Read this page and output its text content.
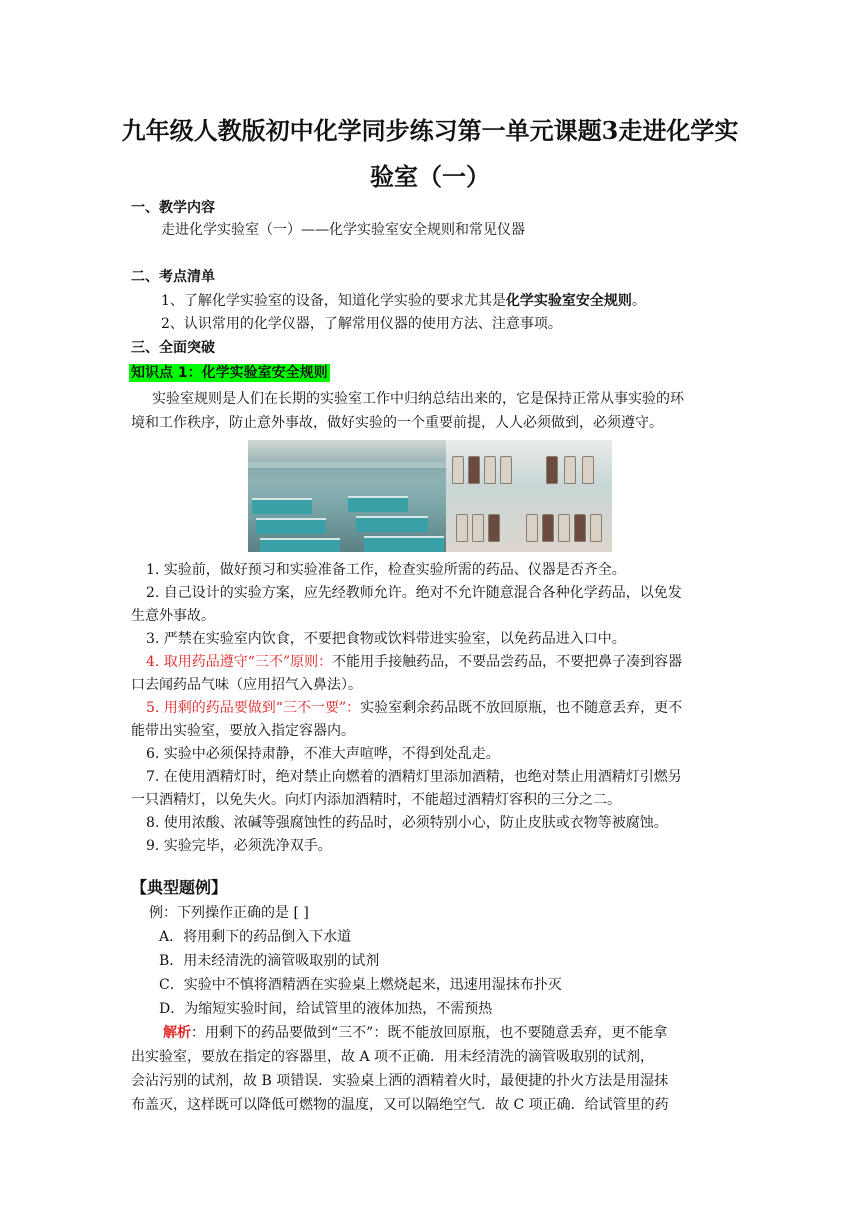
九年级人教版初中化学同步练习第一单元课题3走进化学实
验室（一）
一、教学内容
走进化学实验室（一）——化学实验室安全规则和常见仪器
二、考点清单
1、了解化学实验室的设备，知道化学实验的要求尤其是化学实验室安全规则。
2、认识常用的化学仪器，了解常用仪器的使用方法、注意事项。
三、全面突破
知识点 1：化学实验室安全规则
实验室规则是人们在长期的实验室工作中归纳总结出来的，它是保持正常从事实验的环
境和工作秩序，防止意外事故，做好实验的一个重要前提，人人必须做到，必须遵守。
1. 实验前，做好预习和实验准备工作，检查实验所需的药品、仪器是否齐全。
2. 自己设计的实验方案，应先经教师允许。绝对不允许随意混合各种化学药品，以免发
生意外事故。
3. 严禁在实验室内饮食，不要把食物或饮料带进实验室，以免药品进入口中。
4. 取用药品遵守“三不”原则：不能用手接触药品，不要品尝药品，不要把鼻子凑到容器
口去闻药品气味（应用招气入鼻法）。
5. 用剩的药品要做到“三不一要”：实验室剩余药品既不放回原瓶，也不随意丢弃，更不
能带出实验室，要放入指定容器内。
6. 实验中必须保持肃静，不准大声喧哗，不得到处乱走。
7. 在使用酒精灯时，绝对禁止向燃着的酒精灯里添加酒精，也绝对禁止用酒精灯引燃另
一只酒精灯，以免失火。向灯内添加酒精时，不能超过酒精灯容积的三分之二。
8. 使用浓酸、浓碱等强腐蚀性的药品时，必须特别小心，防止皮肤或衣物等被腐蚀。
9. 实验完毕，必须洗净双手。
【典型题例】
例：下列操作正确的是 [ ]
A．将用剩下的药品倒入下水道
B．用未经清洗的滴管吸取别的试剂
C．实验中不慎将酒精洒在实验桌上燃烧起来，迅速用湿抹布扑灭
D．为缩短实验时间，给试管里的液体加热，不需预热
解析：用剩下的药品要做到“三不”：既不能放回原瓶，也不要随意丢弃，更不能拿
出实验室，要放在指定的容器里，故 A 项不正确．用未经清洗的滴管吸取别的试剂，
会沾污别的试剂，故 B 项错误．实验桌上洒的酒精着火时，最便捷的扑火方法是用湿抹
布盖灭，这样既可以降低可燃物的温度，又可以隔绝空气．故 C 项正确．给试管里的药
